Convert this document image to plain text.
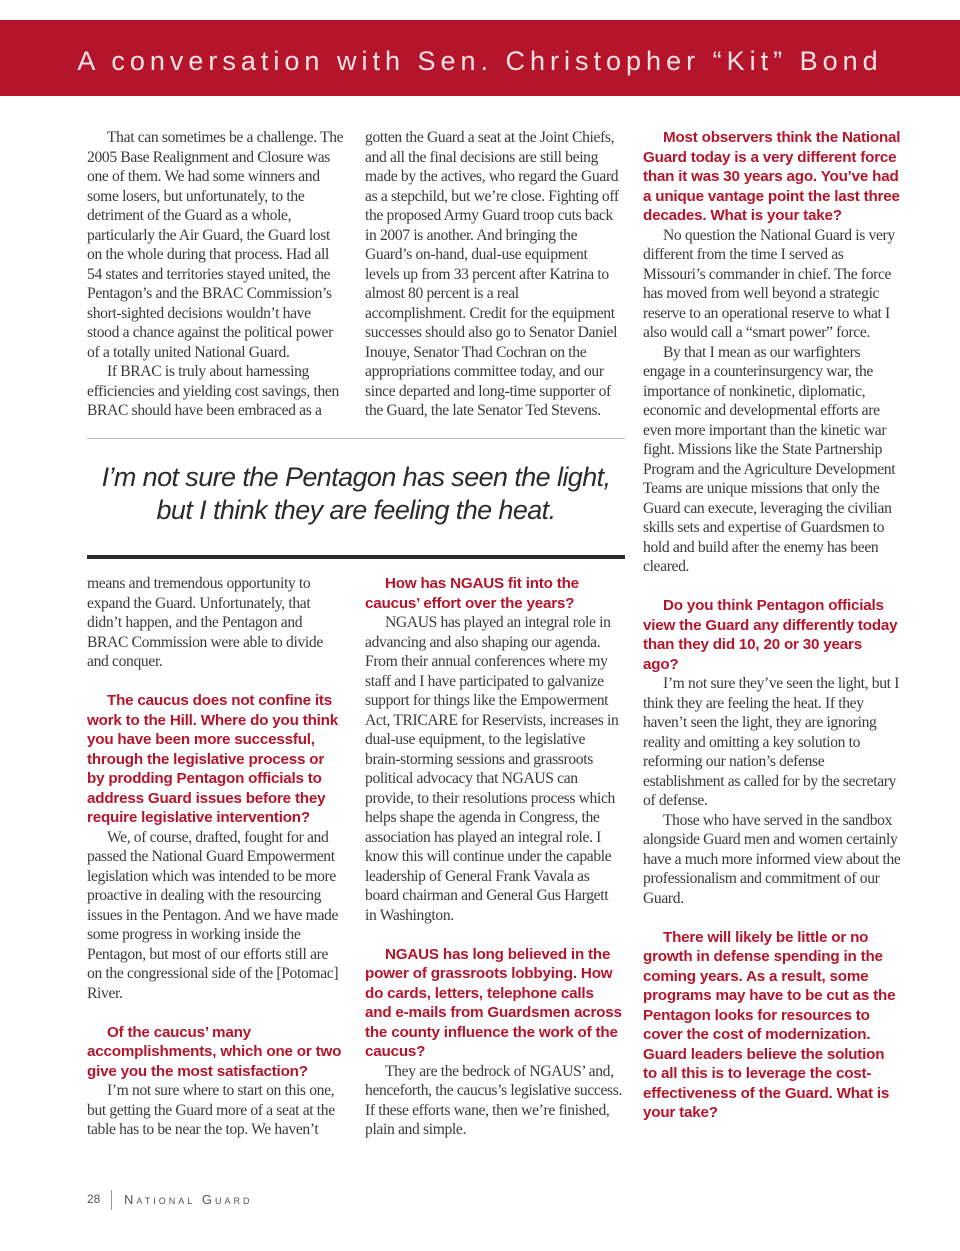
A conversation with Sen. Christopher “Kit” Bond

That can sometimes be a challenge. The 2005 Base Realignment and Closure was one of them. We had some winners and some losers, but unfortunately, to the detriment of the Guard as a whole, particularly the Air Guard, the Guard lost on the whole during that process. Had all 54 states and territories stayed united, the Pentagon’s and the BRAC Commission’s short-sighted decisions wouldn’t have stood a chance against the political power of a totally united National Guard.

If BRAC is truly about harnessing efficiencies and yielding cost savings, then BRAC should have been embraced as a

gotten the Guard a seat at the Joint Chiefs, and all the final decisions are still being made by the actives, who regard the Guard as a stepchild, but we’re close. Fighting off the proposed Army Guard troop cuts back in 2007 is another. And bringing the Guard’s on-hand, dual-use equipment levels up from 33 percent after Katrina to almost 80 percent is a real accomplishment. Credit for the equipment successes should also go to Senator Daniel Inouye, Senator Thad Cochran on the appropriations committee today, and our since departed and long-time supporter of the Guard, the late Senator Ted Stevens.

I’m not sure the Pentagon has seen the light,
but I think they are feeling the heat.

means and tremendous opportunity to expand the Guard. Unfortunately, that didn’t happen, and the Pentagon and BRAC Commission were able to divide and conquer.

The caucus does not confine its work to the Hill. Where do you think you have been more successful, through the legislative process or by prodding Pentagon officials to address Guard issues before they require legislative intervention?

We, of course, drafted, fought for and passed the National Guard Empowerment legislation which was intended to be more proactive in dealing with the resourcing issues in the Pentagon. And we have made some progress in working inside the Pentagon, but most of our efforts still are on the congressional side of the [Potomac] River.

Of the caucus’ many accomplishments, which one or two give you the most satisfaction?

I’m not sure where to start on this one, but getting the Guard more of a seat at the table has to be near the top. We haven’t

How has NGAUS fit into the caucus’ effort over the years?

NGAUS has played an integral role in advancing and also shaping our agenda. From their annual conferences where my staff and I have participated to galvanize support for things like the Empowerment Act, TRICARE for Reservists, increases in dual-use equipment, to the legislative brain-storming sessions and grassroots political advocacy that NGAUS can provide, to their resolutions process which helps shape the agenda in Congress, the association has played an integral role. I know this will continue under the capable leadership of General Frank Vavala as board chairman and General Gus Hargett in Washington.

NGAUS has long believed in the power of grassroots lobbying. How do cards, letters, telephone calls and e-mails from Guardsmen across the county influence the work of the caucus?

They are the bedrock of NGAUS’ and, henceforth, the caucus’s legislative success. If these efforts wane, then we’re finished, plain and simple.

Most observers think the National Guard today is a very different force than it was 30 years ago. You’ve had a unique vantage point the last three decades. What is your take?

No question the National Guard is very different from the time I served as Missouri’s commander in chief. The force has moved from well beyond a strategic reserve to an operational reserve to what I also would call a “smart power” force.

By that I mean as our warfighters engage in a counterinsurgency war, the importance of nonkinetic, diplomatic, economic and developmental efforts are even more important than the kinetic war fight. Missions like the State Partnership Program and the Agriculture Development Teams are unique missions that only the Guard can execute, leveraging the civilian skills sets and expertise of Guardsmen to hold and build after the enemy has been cleared.

Do you think Pentagon officials view the Guard any differently today than they did 10, 20 or 30 years ago?

I’m not sure they’ve seen the light, but I think they are feeling the heat. If they haven’t seen the light, they are ignoring reality and omitting a key solution to reforming our nation’s defense establishment as called for by the secretary of defense.

Those who have served in the sandbox alongside Guard men and women certainly have a much more informed view about the professionalism and commitment of our Guard.

There will likely be little or no growth in defense spending in the coming years. As a result, some programs may have to be cut as the Pentagon looks for resources to cover the cost of modernization. Guard leaders believe the solution to all this is to leverage the cost-effectiveness of the Guard. What is your take?

28 National Guard
